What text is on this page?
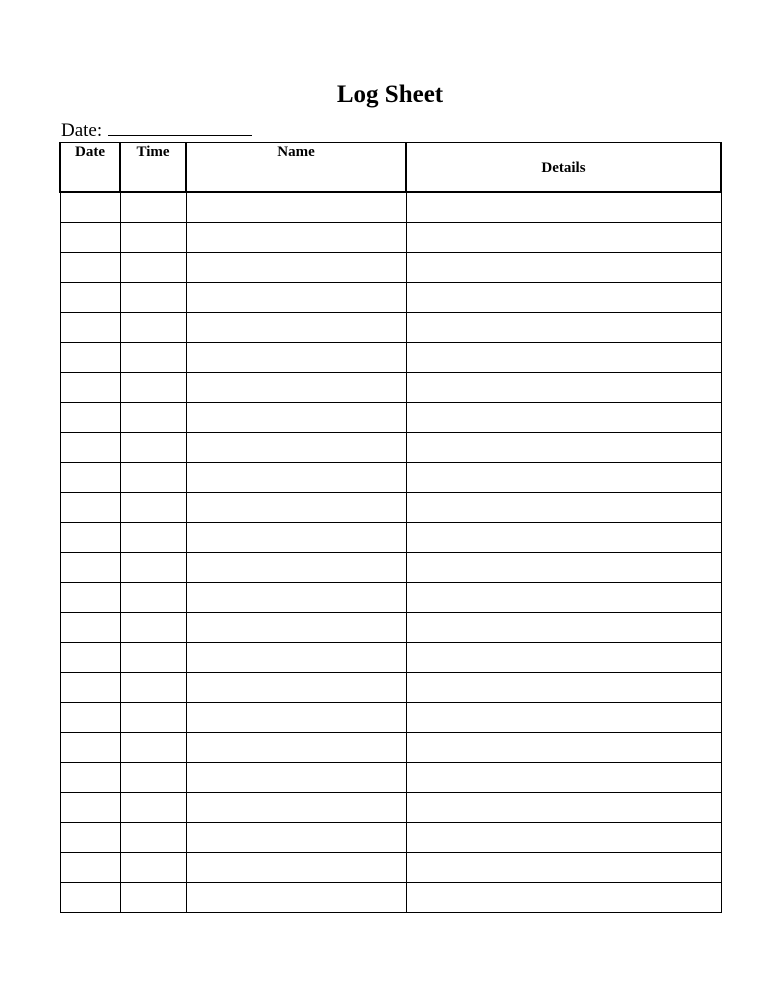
Log Sheet
Date:
Date	Time	Name	Details
